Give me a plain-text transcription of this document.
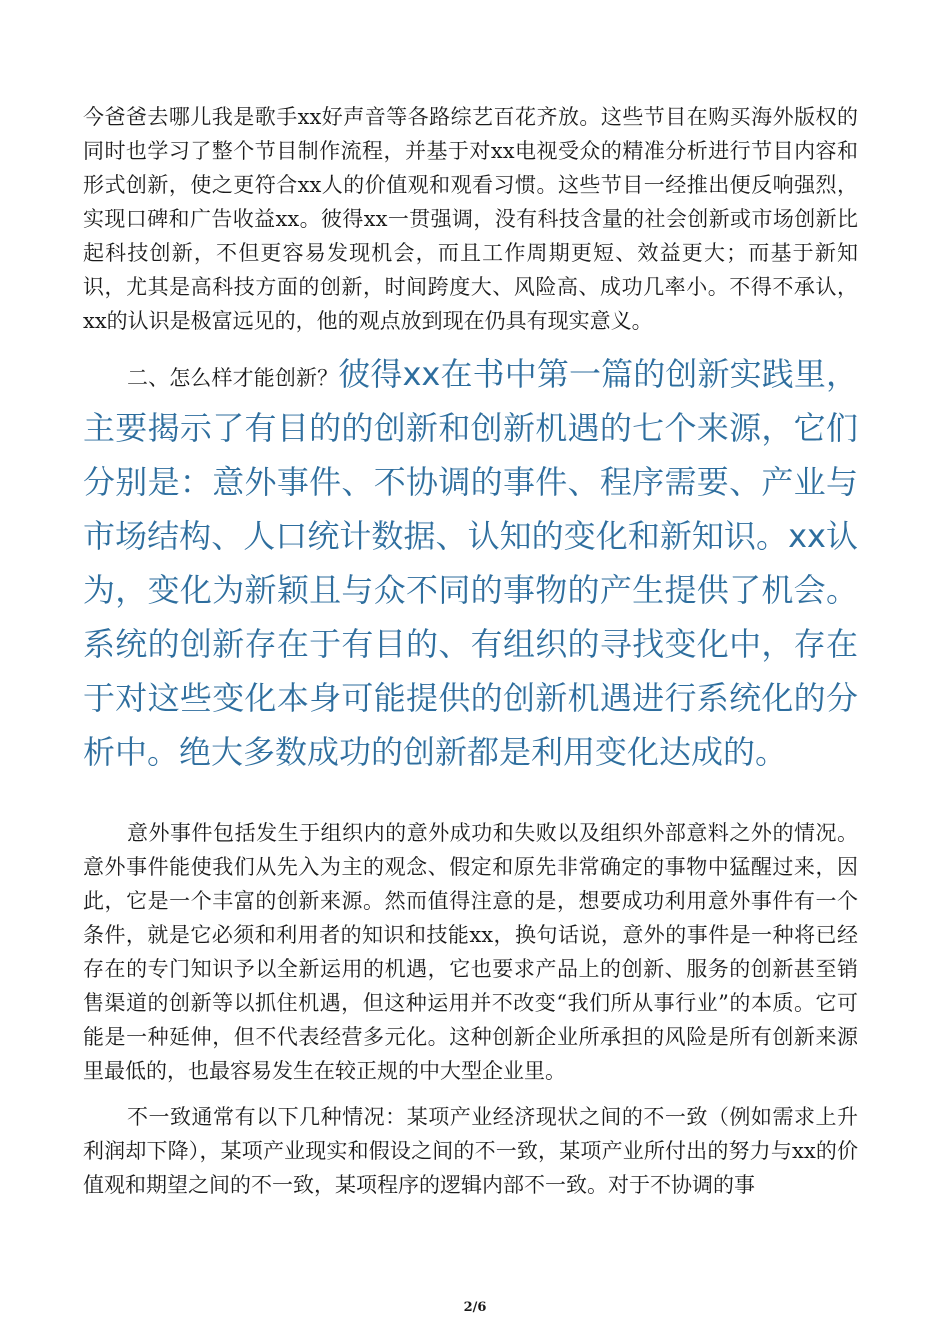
今爸爸去哪儿我是歌手xx好声音等各路综艺百花齐放。这些节目在购买海外版权的同时也学习了整个节目制作流程，并基于对xx电视受众的精准分析进行节目内容和形式创新，使之更符合xx人的价值观和观看习惯。这些节目一经推出便反响强烈，实现口碑和广告收益xx。彼得xx一贯强调，没有科技含量的社会创新或市场创新比起科技创新，不但更容易发现机会，而且工作周期更短、效益更大；而基于新知识，尤其是高科技方面的创新，时间跨度大、风险高、成功几率小。不得不承认，xx的认识是极富远见的，他的观点放到现在仍具有现实意义。

二、怎么样才能创新？彼得xx在书中第一篇的创新实践里，主要揭示了有目的的创新和创新机遇的七个来源，它们分别是：意外事件、不协调的事件、程序需要、产业与市场结构、人口统计数据、认知的变化和新知识。xx认为，变化为新颖且与众不同的事物的产生提供了机会。系统的创新存在于有目的、有组织的寻找变化中，存在于对这些变化本身可能提供的创新机遇进行系统化的分析中。绝大多数成功的创新都是利用变化达成的。

意外事件包括发生于组织内的意外成功和失败以及组织外部意料之外的情况。意外事件能使我们从先入为主的观念、假定和原先非常确定的事物中猛醒过来，因此，它是一个丰富的创新来源。然而值得注意的是，想要成功利用意外事件有一个条件，就是它必须和利用者的知识和技能xx，换句话说，意外的事件是一种将已经存在的专门知识予以全新运用的机遇，它也要求产品上的创新、服务的创新甚至销售渠道的创新等以抓住机遇，但这种运用并不改变“我们所从事行业”的本质。它可能是一种延伸，但不代表经营多元化。这种创新企业所承担的风险是所有创新来源里最低的，也最容易发生在较正规的中大型企业里。

不一致通常有以下几种情况：某项产业经济现状之间的不一致（例如需求上升利润却下降），某项产业现实和假设之间的不一致，某项产业所付出的努力与xx的价值观和期望之间的不一致，某项程序的逻辑内部不一致。对于不协调的事

2/6
